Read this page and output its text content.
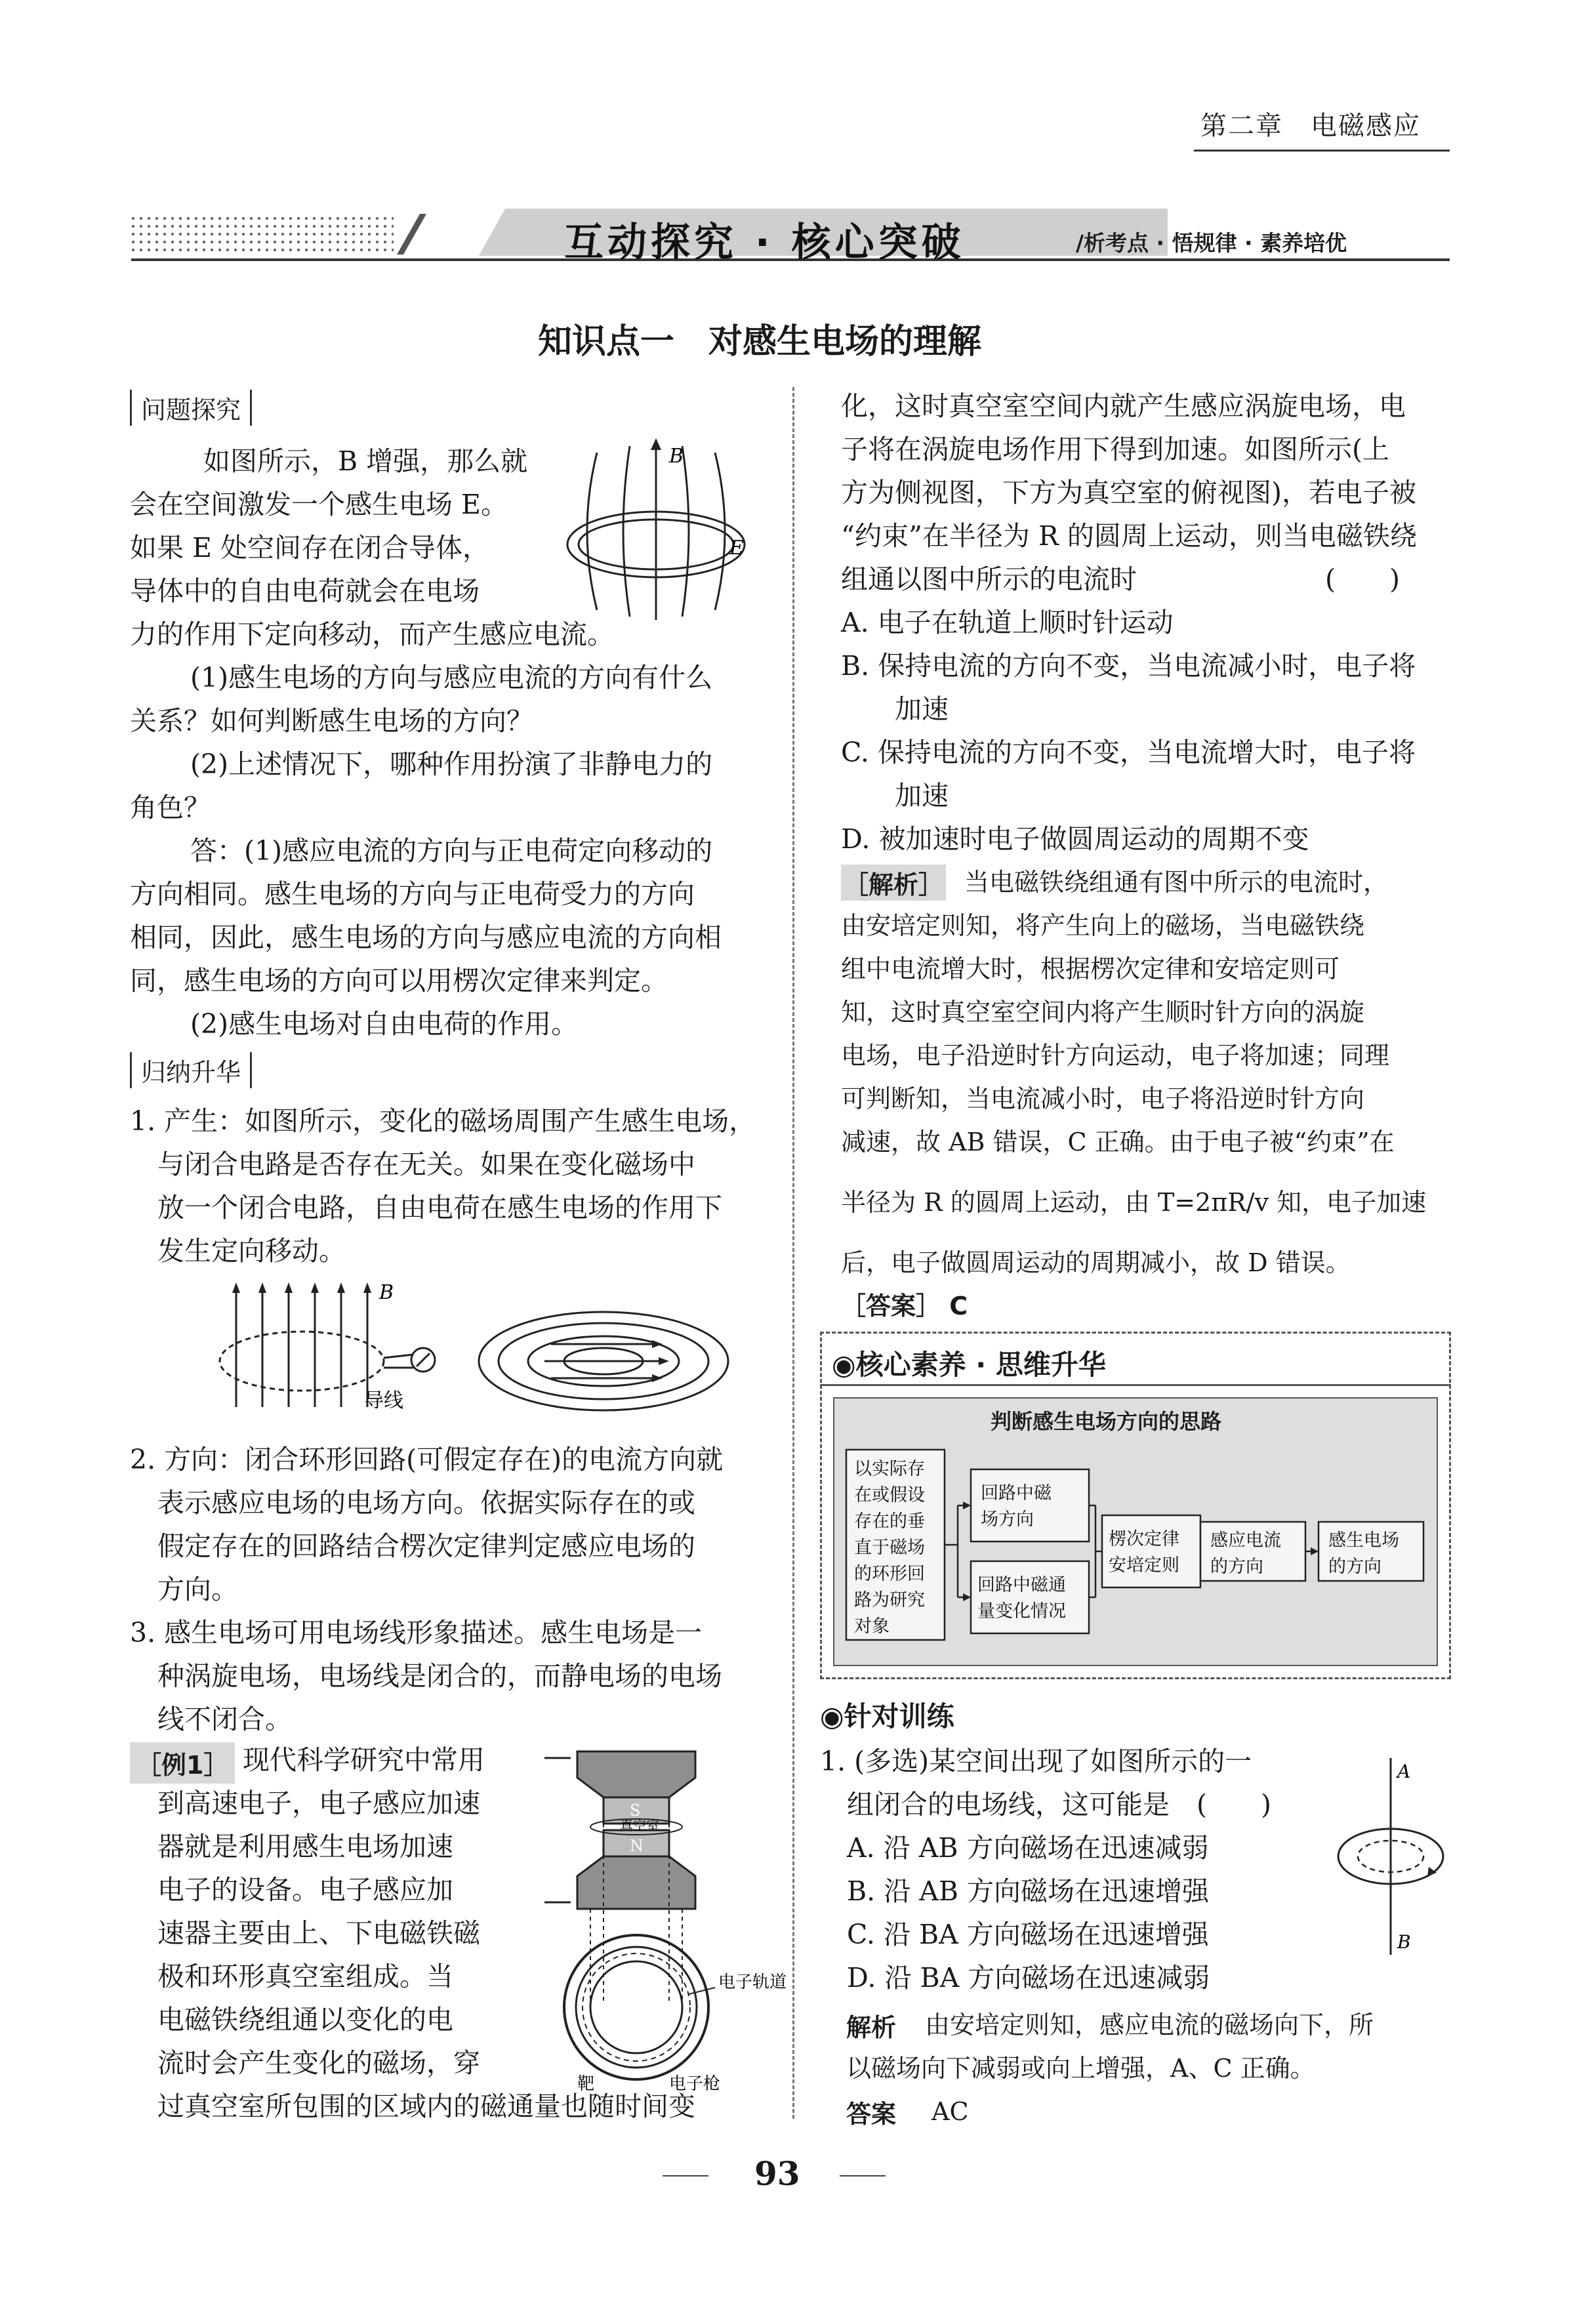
第二章　电磁感应
互动探究 · 核心突破	/析考点 · 悟规律 · 素养培优
知识点一　对感生电场的理解
问题探究
如图所示，B 增强，那么就
会在空间激发一个感生电场 E。
如果 E 处空间存在闭合导体，
导体中的自由电荷就会在电场
力的作用下定向移动，而产生感应电流。
B
E
(1)感生电场的方向与感应电流的方向有什么
关系？如何判断感生电场的方向？
(2)上述情况下，哪种作用扮演了非静电力的
角色？
答：(1)感应电流的方向与正电荷定向移动的
方向相同。感生电场的方向与正电荷受力的方向
相同，因此，感生电场的方向与感应电流的方向相
同，感生电场的方向可以用楞次定律来判定。
(2)感生电场对自由电荷的作用。
归纳升华
1. 产生：如图所示，变化的磁场周围产生感生电场，
与闭合电路是否存在无关。如果在变化磁场中
放一个闭合电路，自由电荷在感生电场的作用下
发生定向移动。
B
导线
2. 方向：闭合环形回路(可假定存在)的电流方向就
表示感应电场的电场方向。依据实际存在的或
假定存在的回路结合楞次定律判定感应电场的
方向。
3. 感生电场可用电场线形象描述。感生电场是一
种涡旋电场，电场线是闭合的，而静电场的电场
线不闭合。
［例1］ 现代科学研究中常用
到高速电子，电子感应加速
器就是利用感生电场加速
电子的设备。电子感应加
速器主要由上、下电磁铁磁
极和环形真空室组成。当
电磁铁绕组通以变化的电
流时会产生变化的磁场，穿
过真空室所包围的区域内的磁通量也随时间变
S
真空室
N
电子轨道
电子枪
靶
化，这时真空室空间内就产生感应涡旋电场，电
子将在涡旋电场作用下得到加速。如图所示(上
方为侧视图，下方为真空室的俯视图)，若电子被
“约束”在半径为 R 的圆周上运动，则当电磁铁绕
组通以图中所示的电流时　　　　　　　(　　)
A. 电子在轨道上顺时针运动
B. 保持电流的方向不变，当电流减小时，电子将
　　加速
C. 保持电流的方向不变，当电流增大时，电子将
　　加速
D. 被加速时电子做圆周运动的周期不变
［解析］ 当电磁铁绕组通有图中所示的电流时，
由安培定则知，将产生向上的磁场，当电磁铁绕
组中电流增大时，根据楞次定律和安培定则可
知，这时真空室空间内将产生顺时针方向的涡旋
电场，电子沿逆时针方向运动，电子将加速；同理
可判断知，当电流减小时，电子将沿逆时针方向
减速，故 AB 错误，C 正确。由于电子被“约束”在
半径为 R 的圆周上运动，由 T=2πR/v 知，电子加速
后，电子做圆周运动的周期减小，故 D 错误。
［答案］ C
◉核心素养 · 思维升华
判断感生电场方向的思路
以实际存
在或假设
存在的垂
直于磁场
的环形回
路为研究
对象
回路中磁
场方向
回路中磁通
量变化情况
楞次定律
安培定则
感应电流
的方向
感生电场
的方向
◉针对训练
1. (多选)某空间出现了如图所示的一
　组闭合的电场线，这可能是　(　　)
　A. 沿 AB 方向磁场在迅速减弱
　B. 沿 AB 方向磁场在迅速增强
　C. 沿 BA 方向磁场在迅速增强
　D. 沿 BA 方向磁场在迅速减弱
A
B
解析 由安培定则知，感应电流的磁场向下，所
以磁场向下减弱或向上增强，A、C 正确。
答案 AC
93
